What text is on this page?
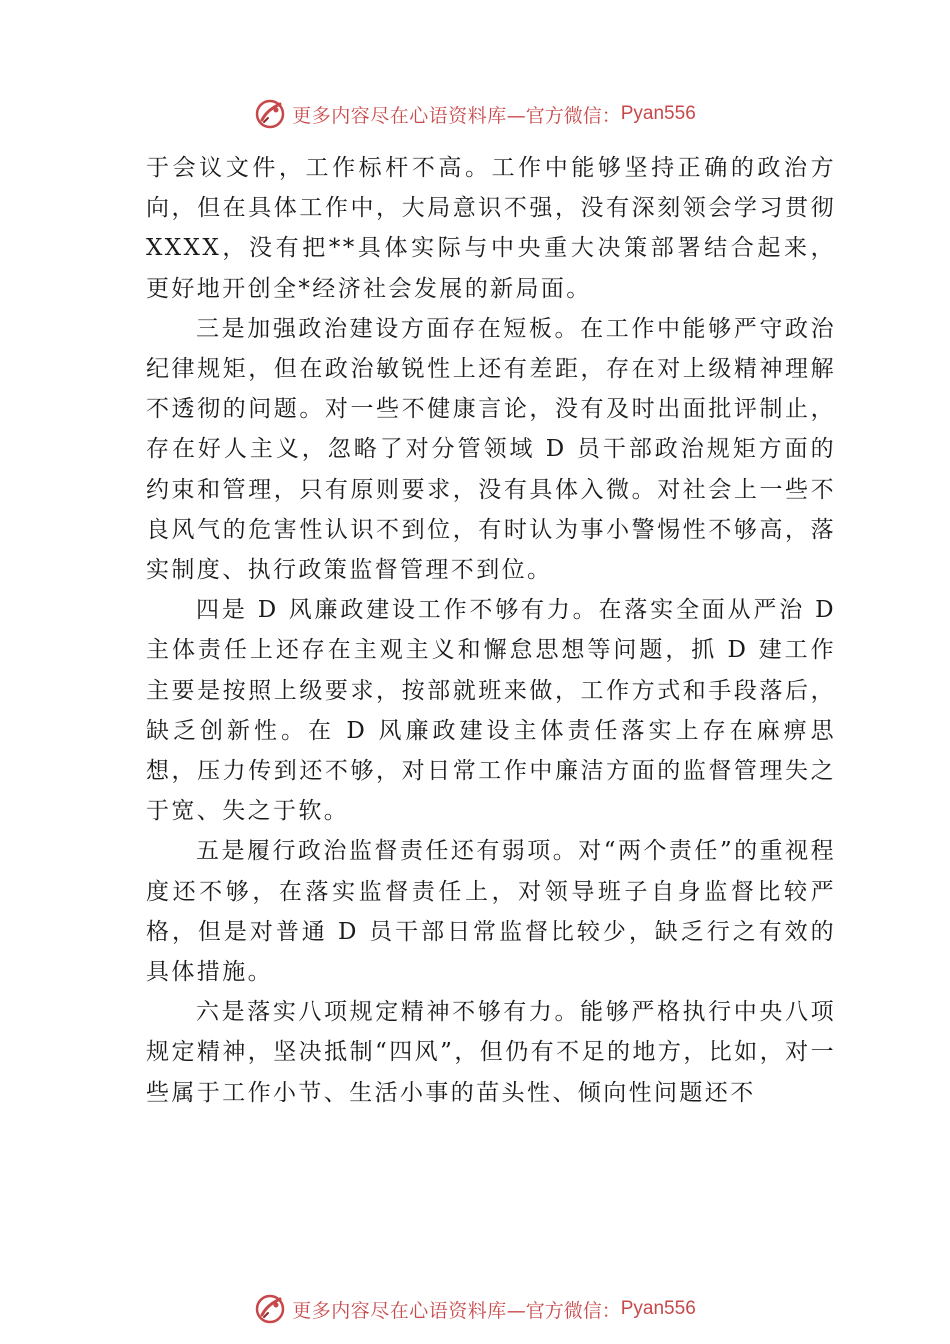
更多内容尽在心语资料库 —官方微信： Pyan556

于会议文件，工作标杆不高。工作中能够坚持正确的政治方向，但在具体工作中，大局意识不强，没有深刻领会学习贯彻 XXXX，没有把**具体实际与中央重大决策部署结合起来， 更好地开创全*经济社会发展的新局面。

三是加强政治建设方面存在短板。在工作中能够严守政治纪律规矩，但在政治敏锐性上还有差距，存在对上级精神理解不透彻的问题。对一些不健康言论，没有及时出面批评制止，存在好人主义，忽略了对分管领域 D 员干部政治规矩方面的约束和管理，只有原则要求，没有具体入微。对社会上一些不良风气的危害性认识不到位，有时认为事小警惕性不够高，落实制度、执行政策监督管理不到位。

四是 D 风廉政建设工作不够有力。在落实全面从严治 D 主体责任上还存在主观主义和懈怠思想等问题，抓 D 建工作主要是按照上级要求，按部就班来做，工作方式和手段落后， 缺乏创新性。在 D 风廉政建设主体责任落实上存在麻痹思想，压力传到还不够，对日常工作中廉洁方面的监督管理失之于宽、失之于软。

五是履行政治监督责任还有弱项。对“两个责任”的重视程度还不够，在落实监督责任上，对领导班子自身监督比较严格，但是对普通 D 员干部日常监督比较少，缺乏行之有效的具体措施。

六是落实八项规定精神不够有力。能够严格执行中央八项规定精神，坚决抵制“四风”，但仍有不足的地方，比如，对一些属于工作小节、生活小事的苗头性、倾向性问题还不

更多内容尽在心语资料库 —官方微信： Pyan556
